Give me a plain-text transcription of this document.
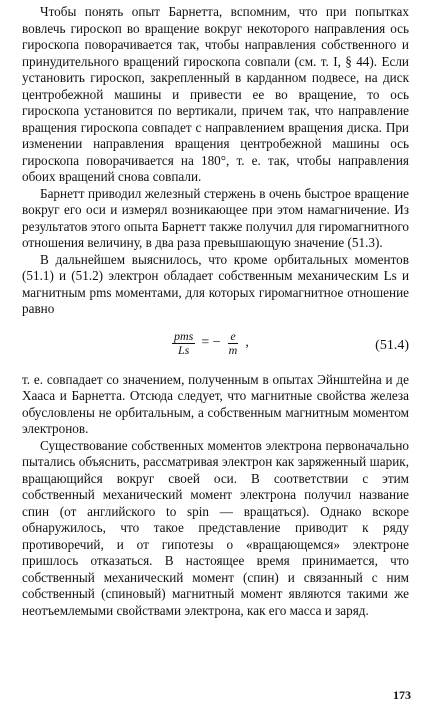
Чтобы понять опыт Барнетта, вспомним, что при попытках вовлечь гироскоп во вращение вокруг некоторого направления ось гироскопа поворачивается так, чтобы направления собственного и принудительного вращений гироскопа совпали (см. т. I, § 44). Если установить гироскоп, закрепленный в карданном подвесе, на диск центробежной машины и привести ее во вращение, то ось гироскопа установится по вертикали, причем так, что направление вращения гироскопа совпадет с направлением вращения диска. При изменении направления вращения центробежной машины ось гироскопа поворачивается на 180°, т. е. так, чтобы направления обоих вращений снова совпали.

Барнетт приводил железный стержень в очень быстрое вращение вокруг его оси и измерял возникающее при этом намагничение. Из результатов этого опыта Барнетт также получил для гиромагнитного отношения величину, в два раза превышающую значение (51.3).

В дальнейшем выяснилось, что кроме орбитальных моментов (51.1) и (51.2) электрон обладает собственным механическим Ls и магнитным pms моментами, для которых гиромагнитное отношение равно

$\frac{\text{pms}}{Ls}$ = − $\frac{e}{m}$ ,	(51.4)

т. е. совпадает со значением, полученным в опытах Эйнштейна и де Хааса и Барнетта. Отсюда следует, что магнитные свойства железа обусловлены не орбитальным, а собственным магнитным моментом электронов.

Существование собственных моментов электрона первоначально пытались объяснить, рассматривая электрон как заряженный шарик, вращающийся вокруг своей оси. В соответствии с этим собственный механический момент электрона получил название спин (от английского to spin — вращаться). Однако вскоре обнаружилось, что такое представление приводит к ряду противоречий, и от гипотезы о «вращающемся» электроне пришлось отказаться. В настоящее время принимается, что собственный механический момент (спин) и связанный с ним собственный (спиновый) магнитный момент являются такими же неотъемлемыми свойствами электрона, как его масса и заряд.

173
